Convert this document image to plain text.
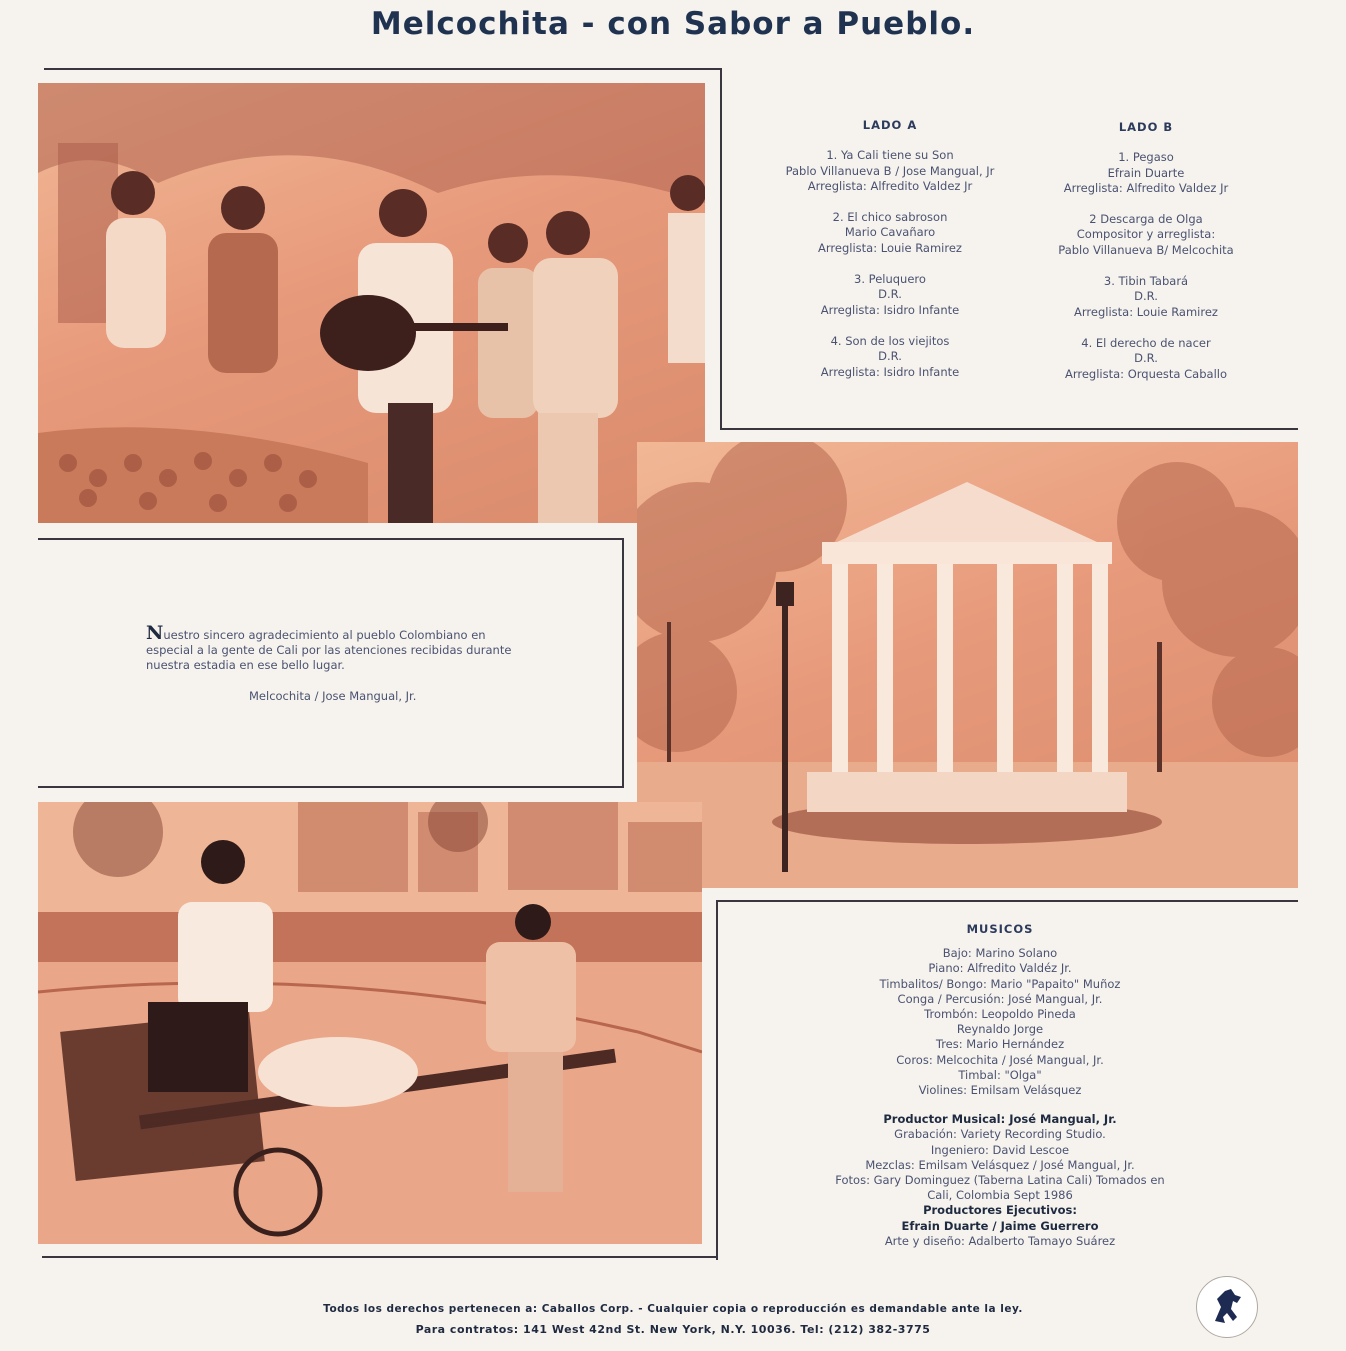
Melcochita - con Sabor a Pueblo.
LADO A
1. Ya Cali tiene su Son
Pablo Villanueva B / Jose Mangual, Jr
Arreglista: Alfredito Valdez Jr
2. El chico sabroson
Mario Cavañaro
Arreglista: Louie Ramirez
3. Peluquero
D.R.
Arreglista: Isidro Infante
4. Son de los viejitos
D.R.
Arreglista: Isidro Infante
LADO B
1. Pegaso
Efrain Duarte
Arreglista: Alfredito Valdez Jr
2 Descarga de Olga
Compositor y arreglista:
Pablo Villanueva B/ Melcochita
3. Tibin Tabará
D.R.
Arreglista: Louie Ramirez
4. El derecho de nacer
D.R.
Arreglista: Orquesta Caballo
Nuestro sincero agradecimiento al pueblo Colombiano en
especial a la gente de Cali por las atenciones recibidas durante
nuestra estadia en ese bello lugar.
Melcochita / Jose Mangual, Jr.
MUSICOS
Bajo: Marino Solano
Piano: Alfredito Valdéz Jr.
Timbalitos/ Bongo: Mario "Papaito" Muñoz
Conga / Percusión: José Mangual, Jr.
Trombón: Leopoldo Pineda
Reynaldo Jorge
Tres: Mario Hernández
Coros: Melcochita / José Mangual, Jr.
Timbal: "Olga"
Violines: Emilsam Velásquez
Productor Musical: José Mangual, Jr.
Grabación: Variety Recording Studio.
Ingeniero: David Lescoe
Mezclas: Emilsam Velásquez / José Mangual, Jr.
Fotos: Gary Dominguez (Taberna Latina Cali) Tomados en
Cali, Colombia Sept 1986
Productores Ejecutivos:
Efrain Duarte / Jaime Guerrero
Arte y diseño: Adalberto Tamayo Suárez
Todos los derechos pertenecen a: Caballos Corp. - Cualquier copia o reproducción es demandable ante la ley.
Para contratos: 141 West 42nd St. New York, N.Y. 10036. Tel: (212) 382-3775
